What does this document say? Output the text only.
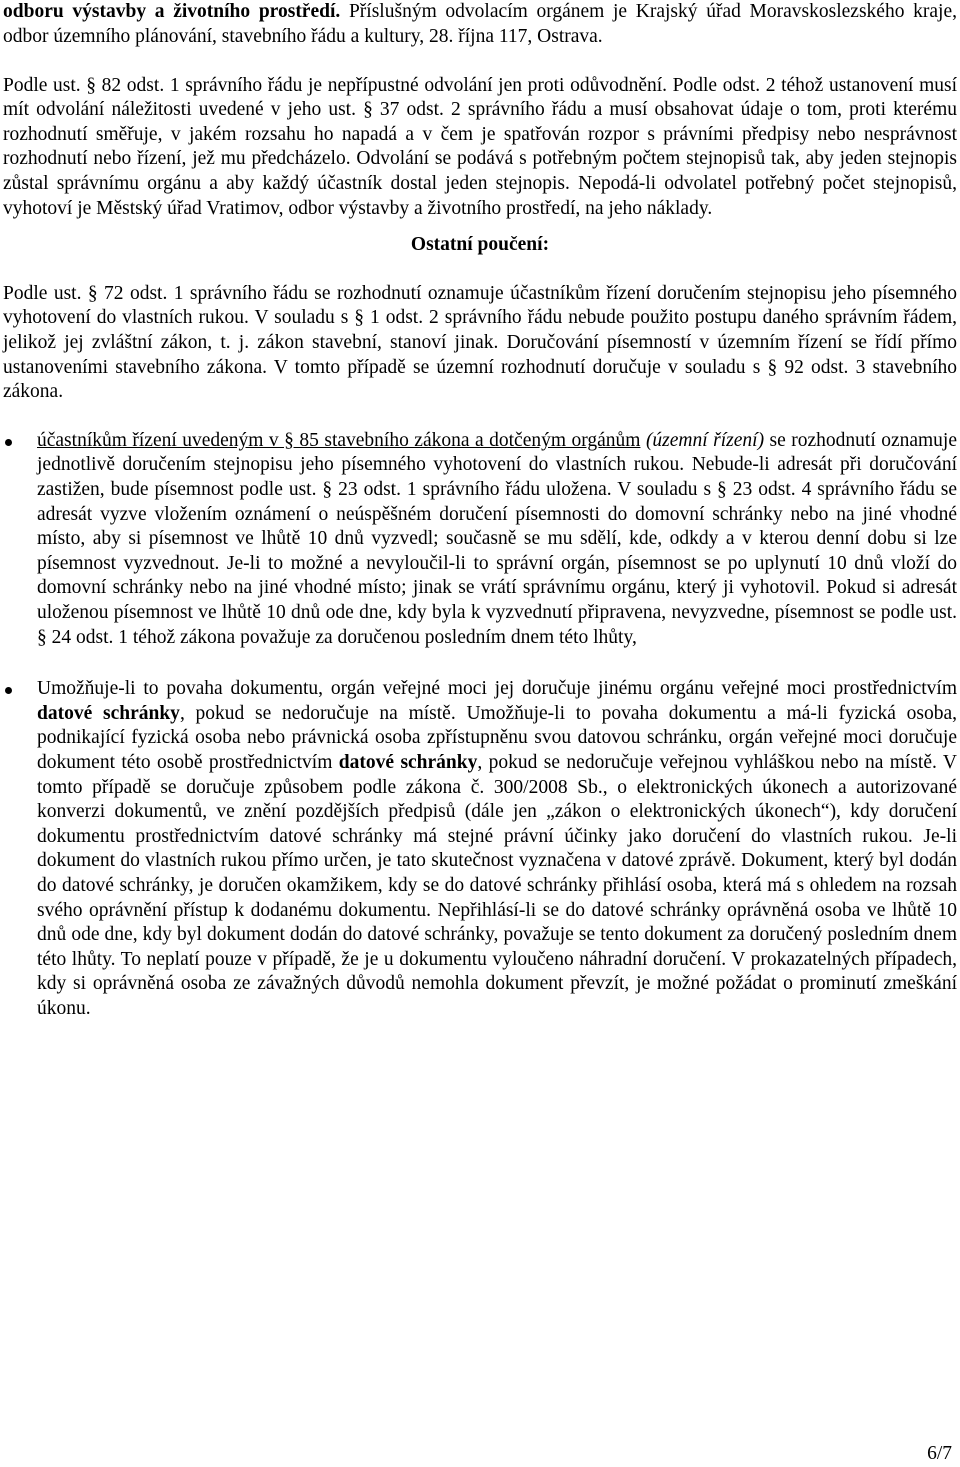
odboru výstavby a životního prostředí. Příslušným odvolacím orgánem je Krajský úřad Moravskoslezského kraje, odbor územního plánování, stavebního řádu a kultury, 28. října 117, Ostrava.

Podle ust. § 82 odst. 1 správního řádu je nepřípustné odvolání jen proti odůvodnění. Podle odst. 2 téhož ustanovení musí mít odvolání náležitosti uvedené v jeho ust. § 37 odst. 2 správního řádu a musí obsahovat údaje o tom, proti kterému rozhodnutí směřuje, v jakém rozsahu ho napadá a v čem je spatřován rozpor s právními předpisy nebo nesprávnost rozhodnutí nebo řízení, jež mu předcházelo. Odvolání se podává s potřebným počtem stejnopisů tak, aby jeden stejnopis zůstal správnímu orgánu a aby každý účastník dostal jeden stejnopis. Nepodá-li odvolatel potřebný počet stejnopisů, vyhotoví je Městský úřad Vratimov, odbor výstavby a životního prostředí, na jeho náklady.

Ostatní poučení:

Podle ust. § 72 odst. 1 správního řádu se rozhodnutí oznamuje účastníkům řízení doručením stejnopisu jeho písemného vyhotovení do vlastních rukou. V souladu s § 1 odst. 2 správního řádu nebude použito postupu daného správním řádem, jelikož jej zvláštní zákon, t. j. zákon stavební, stanoví jinak. Doručování písemností v územním řízení se řídí přímo ustanoveními stavebního zákona. V tomto případě se územní rozhodnutí doručuje v souladu s § 92 odst. 3 stavebního zákona.

účastníkům řízení uvedeným v § 85 stavebního zákona a dotčeným orgánům (územní řízení) se rozhodnutí oznamuje jednotlivě doručením stejnopisu jeho písemného vyhotovení do vlastních rukou. Nebude-li adresát při doručování zastižen, bude písemnost podle ust. § 23 odst. 1 správního řádu uložena. V souladu s § 23 odst. 4 správního řádu se adresát vyzve vložením oznámení o neúspěšném doručení písemnosti do domovní schránky nebo na jiné vhodné místo, aby si písemnost ve lhůtě 10 dnů vyzvedl; současně se mu sdělí, kde, odkdy a v kterou denní dobu si lze písemnost vyzvednout. Je-li to možné a nevyloučil-li to správní orgán, písemnost se po uplynutí 10 dnů vloží do domovní schránky nebo na jiné vhodné místo; jinak se vrátí správnímu orgánu, který ji vyhotovil. Pokud si adresát uloženou písemnost ve lhůtě 10 dnů ode dne, kdy byla k vyzvednutí připravena, nevyzvedne, písemnost se podle ust. § 24 odst. 1 téhož zákona považuje za doručenou posledním dnem této lhůty,

Umožňuje-li to povaha dokumentu, orgán veřejné moci jej doručuje jinému orgánu veřejné moci prostřednictvím datové schránky, pokud se nedoručuje na místě. Umožňuje-li to povaha dokumentu a má-li fyzická osoba, podnikající fyzická osoba nebo právnická osoba zpřístupněnu svou datovou schránku, orgán veřejné moci doručuje dokument této osobě prostřednictvím datové schránky, pokud se nedoručuje veřejnou vyhláškou nebo na místě. V tomto případě se doručuje způsobem podle zákona č. 300/2008 Sb., o elektronických úkonech a autorizované konverzi dokumentů, ve znění pozdějších předpisů (dále jen „zákon o elektronických úkonech“), kdy doručení dokumentu prostřednictvím datové schránky má stejné právní účinky jako doručení do vlastních rukou. Je-li dokument do vlastních rukou přímo určen, je tato skutečnost vyznačena v datové zprávě. Dokument, který byl dodán do datové schránky, je doručen okamžikem, kdy se do datové schránky přihlásí osoba, která má s ohledem na rozsah svého oprávnění přístup k dodanému dokumentu. Nepřihlásí-li se do datové schránky oprávněná osoba ve lhůtě 10 dnů ode dne, kdy byl dokument dodán do datové schránky, považuje se tento dokument za doručený posledním dnem této lhůty. To neplatí pouze v případě, že je u dokumentu vyloučeno náhradní doručení. V prokazatelných případech, kdy si oprávněná osoba ze závažných důvodů nemohla dokument převzít, je možné požádat o prominutí zmeškání úkonu.

6/7
